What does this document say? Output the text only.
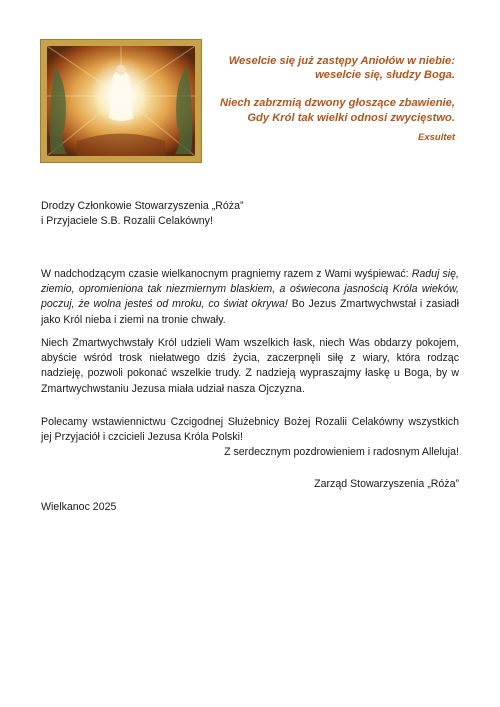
Weselcie się już zastępy Aniołów w niebie:

weselcie się, słudzy Boga.

Niech zabrzmią dzwony głoszące zbawienie,

Gdy Król tak wielki odnosi zwycięstwo.

Exsultet

Drodzy Członkowie Stowarzyszenia „Róża”

i Przyjaciele S.B. Rozalii Celakówny!

W nadchodzącym czasie wielkanocnym pragniemy razem z Wami wyśpiewać: Raduj się, ziemio, opromieniona tak niezmiernym blaskiem, a oświecona jasnością Króla wieków, poczuj, że wolna jesteś od mroku, co świat okrywa! Bo Jezus Zmartwychwstał i zasiadł jako Król nieba i ziemi na tronie chwały.

Niech Zmartwychwstały Król udzieli Wam wszelkich łask, niech Was obdarzy pokojem, abyście wśród trosk niełatwego dziś życia, zaczerpnęli siłę z wiary, która rodząc nadzieję, pozwoli pokonać wszelkie trudy. Z nadzieją wypraszajmy łaskę u Boga, by w Zmartwychwstaniu Jezusa miała udział nasza Ojczyzna.

Polecamy wstawiennictwu Czcigodnej Służebnicy Bożej Rozalii Celakówny wszystkich jej Przyjaciół i czcicieli Jezusa Króla Polski!

Z serdecznym pozdrowieniem i radosnym Alleluja!

Zarząd Stowarzyszenia „Róża”
Wielkanoc 2025
